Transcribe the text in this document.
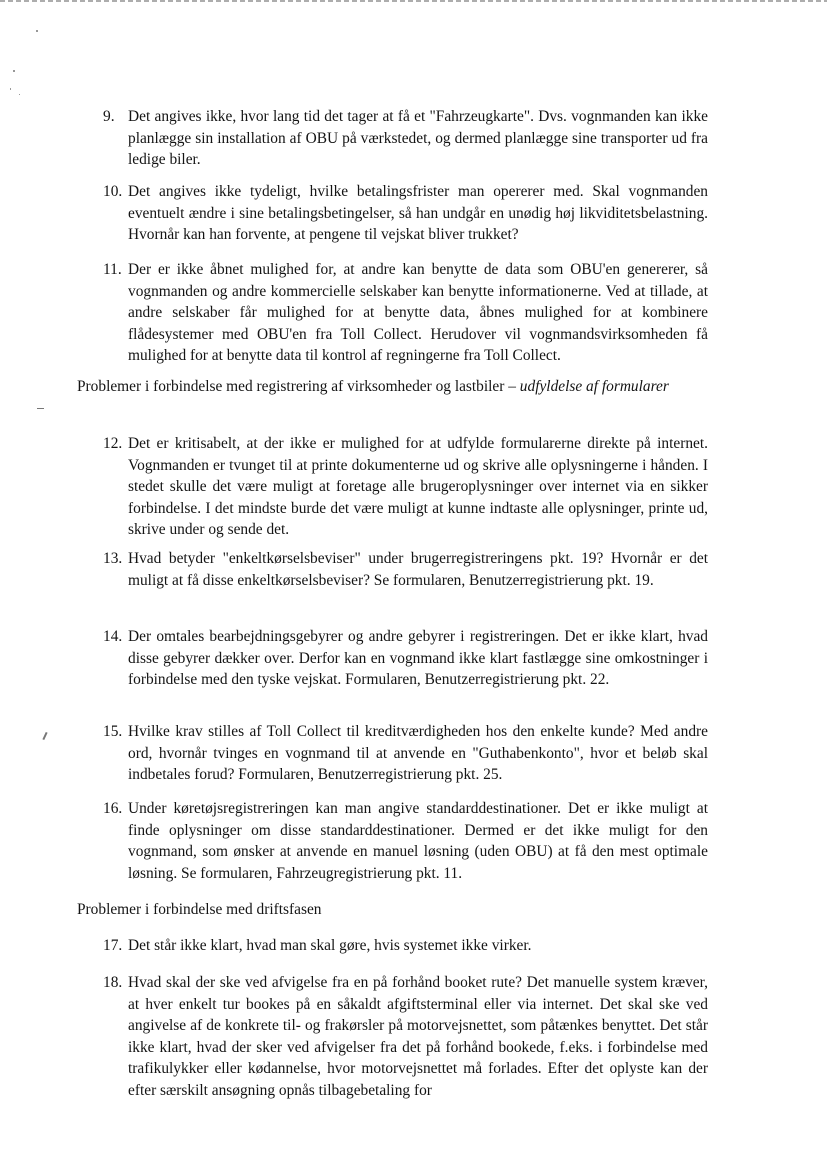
9. Det angives ikke, hvor lang tid det tager at få et "Fahrzeugkarte". Dvs. vognmanden kan ikke planlægge sin installation af OBU på værkstedet, og dermed planlægge sine transporter ud fra ledige biler.
10. Det angives ikke tydeligt, hvilke betalingsfrister man opererer med. Skal vognmanden eventuelt ændre i sine betalingsbetingelser, så han undgår en unødig høj likviditetsbelastning. Hvornår kan han forvente, at pengene til vejskat bliver trukket?
11. Der er ikke åbnet mulighed for, at andre kan benytte de data som OBU'en genererer, så vognmanden og andre kommercielle selskaber kan benytte informationerne. Ved at tillade, at andre selskaber får mulighed for at benytte data, åbnes mulighed for at kombinere flådesystemer med OBU'en fra Toll Collect. Herudover vil vognmandsvirksomheden få mulighed for at benytte data til kontrol af regningerne fra Toll Collect.
Problemer i forbindelse med registrering af virksomheder og lastbiler – udfyldelse af formularer
12. Det er kritisabelt, at der ikke er mulighed for at udfylde formularerne direkte på internet. Vognmanden er tvunget til at printe dokumenterne ud og skrive alle oplysningerne i hånden. I stedet skulle det være muligt at foretage alle brugeroplysninger over internet via en sikker forbindelse. I det mindste burde det være muligt at kunne indtaste alle oplysninger, printe ud, skrive under og sende det.
13. Hvad betyder "enkeltkørselsbeviser" under brugerregistreringens pkt. 19? Hvornår er det muligt at få disse enkeltkørselsbeviser? Se formularen, Benutzerregistrierung pkt. 19.
14. Der omtales bearbejdningsgebyrer og andre gebyrer i registreringen. Det er ikke klart, hvad disse gebyrer dækker over. Derfor kan en vognmand ikke klart fastlægge sine omkostninger i forbindelse med den tyske vejskat. Formularen, Benutzerregistrierung pkt. 22.
15. Hvilke krav stilles af Toll Collect til kreditværdigheden hos den enkelte kunde? Med andre ord, hvornår tvinges en vognmand til at anvende en "Guthabenkonto", hvor et beløb skal indbetales forud? Formularen, Benutzerregistrierung pkt. 25.
16. Under køretøjsregistreringen kan man angive standarddestinationer. Det er ikke muligt at finde oplysninger om disse standarddestinationer. Dermed er det ikke muligt for den vognmand, som ønsker at anvende en manuel løsning (uden OBU) at få den mest optimale løsning. Se formularen, Fahrzeugregistrierung pkt. 11.
Problemer i forbindelse med driftsfasen
17. Det står ikke klart, hvad man skal gøre, hvis systemet ikke virker.
18. Hvad skal der ske ved afvigelse fra en på forhånd booket rute? Det manuelle system kræver, at hver enkelt tur bookes på en såkaldt afgiftsterminal eller via internet. Det skal ske ved angivelse af de konkrete til- og frakørsler på motorvejsnettet, som påtænkes benyttet. Det står ikke klart, hvad der sker ved afvigelser fra det på forhånd bookede, f.eks. i forbindelse med trafikulykker eller kødannelse, hvor motorvejsnettet må forlades. Efter det oplyste kan der efter særskilt ansøgning opnås tilbagebetaling for
